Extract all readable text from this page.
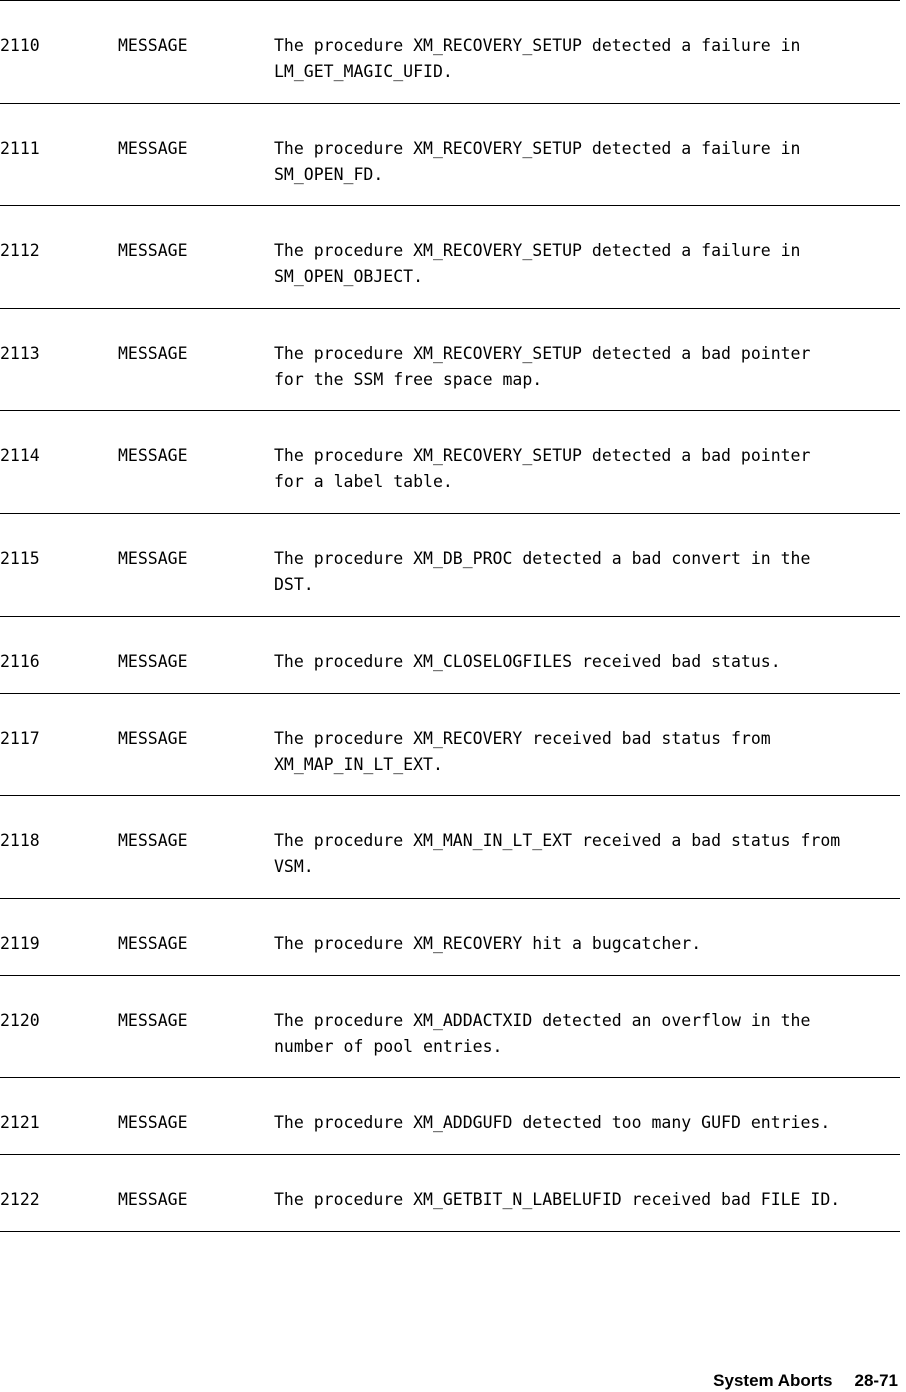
2110	MESSAGE	The procedure XM_RECOVERY_SETUP detected a failure in
LM_GET_MAGIC_UFID.
2111	MESSAGE	The procedure XM_RECOVERY_SETUP detected a failure in
SM_OPEN_FD.
2112	MESSAGE	The procedure XM_RECOVERY_SETUP detected a failure in
SM_OPEN_OBJECT.
2113	MESSAGE	The procedure XM_RECOVERY_SETUP detected a bad pointer
for the SSM free space map.
2114	MESSAGE	The procedure XM_RECOVERY_SETUP detected a bad pointer
for a label table.
2115	MESSAGE	The procedure XM_DB_PROC detected a bad convert in the
DST.
2116	MESSAGE	The procedure XM_CLOSELOGFILES received bad status.
2117	MESSAGE	The procedure XM_RECOVERY received bad status from
XM_MAP_IN_LT_EXT.
2118	MESSAGE	The procedure XM_MAN_IN_LT_EXT received a bad status from
VSM.
2119	MESSAGE	The procedure XM_RECOVERY hit a bugcatcher.
2120	MESSAGE	The procedure XM_ADDACTXID detected an overflow in the
number of pool entries.
2121	MESSAGE	The procedure XM_ADDGUFD detected too many GUFD entries.
2122	MESSAGE	The procedure XM_GETBIT_N_LABELUFID received bad FILE ID.
System Aborts 28-71
